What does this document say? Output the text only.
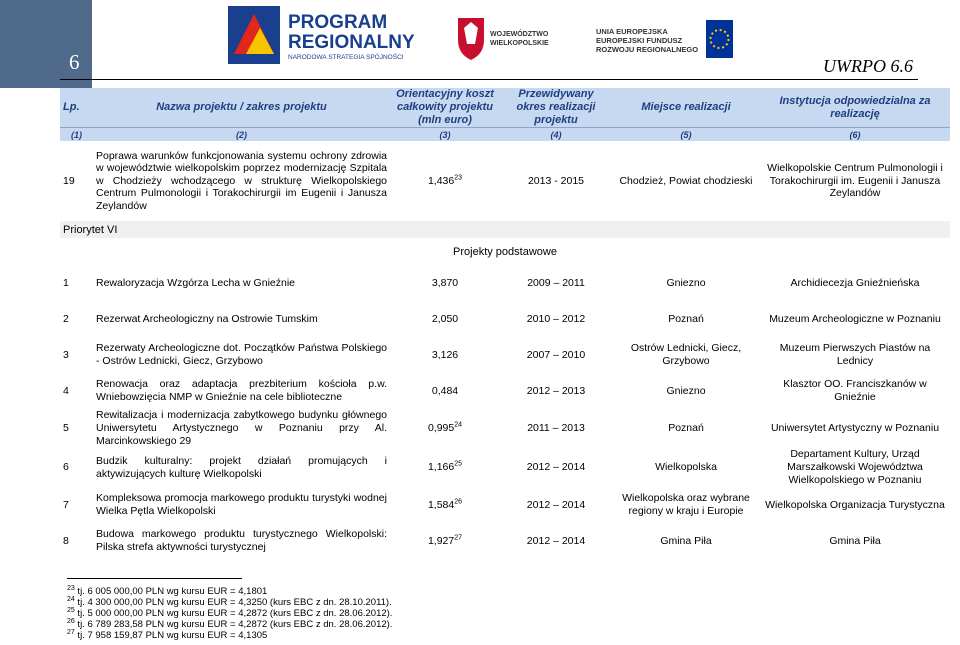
6
PROGRAM
REGIONALNY
NARODOWA STRATEGIA SPÓJNOŚCI
WOJEWÓDZTWO
WIELKOPOLSKIE
UNIA EUROPEJSKA
EUROPEJSKI FUNDUSZ
ROZWOJU REGIONALNEGO
UWRPO 6.6
Lp.	Nazwa projektu / zakres projektu	Orientacyjny koszt całkowity projektu (mln euro)	Przewidywany okres realizacji projektu	Miejsce realizacji	Instytucja odpowiedzialna za realizację
(1)	(2)	(3)	(4)	(5)	(6)
19	Poprawa warunków funkcjonowania systemu ochrony zdrowia w województwie wielkopolskim poprzez modernizację Szpitala w Chodzieży wchodzącego w strukturę Wielkopolskiego Centrum Pulmonologii i Torakochirurgii im Eugenii i Janusza Zeylandów	1,436$^{23}$	2013 - 2015	Chodzież, Powiat chodzieski	Wielkopolskie Centrum Pulmonologii i Torakochirurgii im. Eugenii i Janusza Zeylandów
Priorytet VI					
Projekty podstawowe					
1	Rewaloryzacja Wzgórza Lecha w Gnieźnie	3,870	2009 – 2011	Gniezno	Archidiecezja Gnieźnieńska
2	Rezerwat Archeologiczny na Ostrowie Tumskim	2,050	2010 – 2012	Poznań	Muzeum Archeologiczne w Poznaniu
3	Rezerwaty Archeologiczne dot. Początków Państwa Polskiego - Ostrów Lednicki, Giecz, Grzybowo	3,126	2007 – 2010	Ostrów Lednicki, Giecz, Grzybowo	Muzeum Pierwszych Piastów na Lednicy
4	Renowacja oraz adaptacja prezbiterium kościoła p.w. Wniebowzięcia NMP w Gnieźnie na cele biblioteczne	0,484	2012 – 2013	Gniezno	Klasztor OO. Franciszkanów w Gnieźnie
5	Rewitalizacja i modernizacja zabytkowego budynku głównego Uniwersytetu Artystycznego w Poznaniu przy Al. Marcinkowskiego 29	0,995$^{24}$	2011 – 2013	Poznań	Uniwersytet Artystyczny w Poznaniu
6	Budzik kulturalny: projekt działań promujących i aktywizujących kulturę Wielkopolski	1,166$^{25}$	2012 – 2014	Wielkopolska	Departament Kultury, Urząd Marszałkowski Województwa Wielkopolskiego w Poznaniu
7	Kompleksowa promocja markowego produktu turystyki wodnej Wielka Pętla Wielkopolski	1,584$^{26}$	2012 – 2014	Wielkopolska oraz wybrane regiony w kraju i Europie	Wielkopolska Organizacja Turystyczna
8	Budowa markowego produktu turystycznego Wielkopolski: Pilska strefa aktywności turystycznej	1,927$^{27}$	2012 – 2014	Gmina Piła	Gmina Piła
$^{23}$ tj. 6 005 000,00 PLN wg kursu EUR = 4,1801
$^{24}$ tj. 4 300 000,00 PLN wg kursu EUR = 4,3250 (kurs EBC z dn. 28.10.2011).
$^{25}$ tj. 5 000 000,00 PLN wg kursu EUR = 4,2872 (kurs EBC z dn. 28.06.2012).
$^{26}$ tj. 6 789 283,58 PLN wg kursu EUR = 4,2872 (kurs EBC z dn. 28.06.2012).
$^{27}$ tj. 7 958 159,87 PLN wg kursu EUR = 4,1305
